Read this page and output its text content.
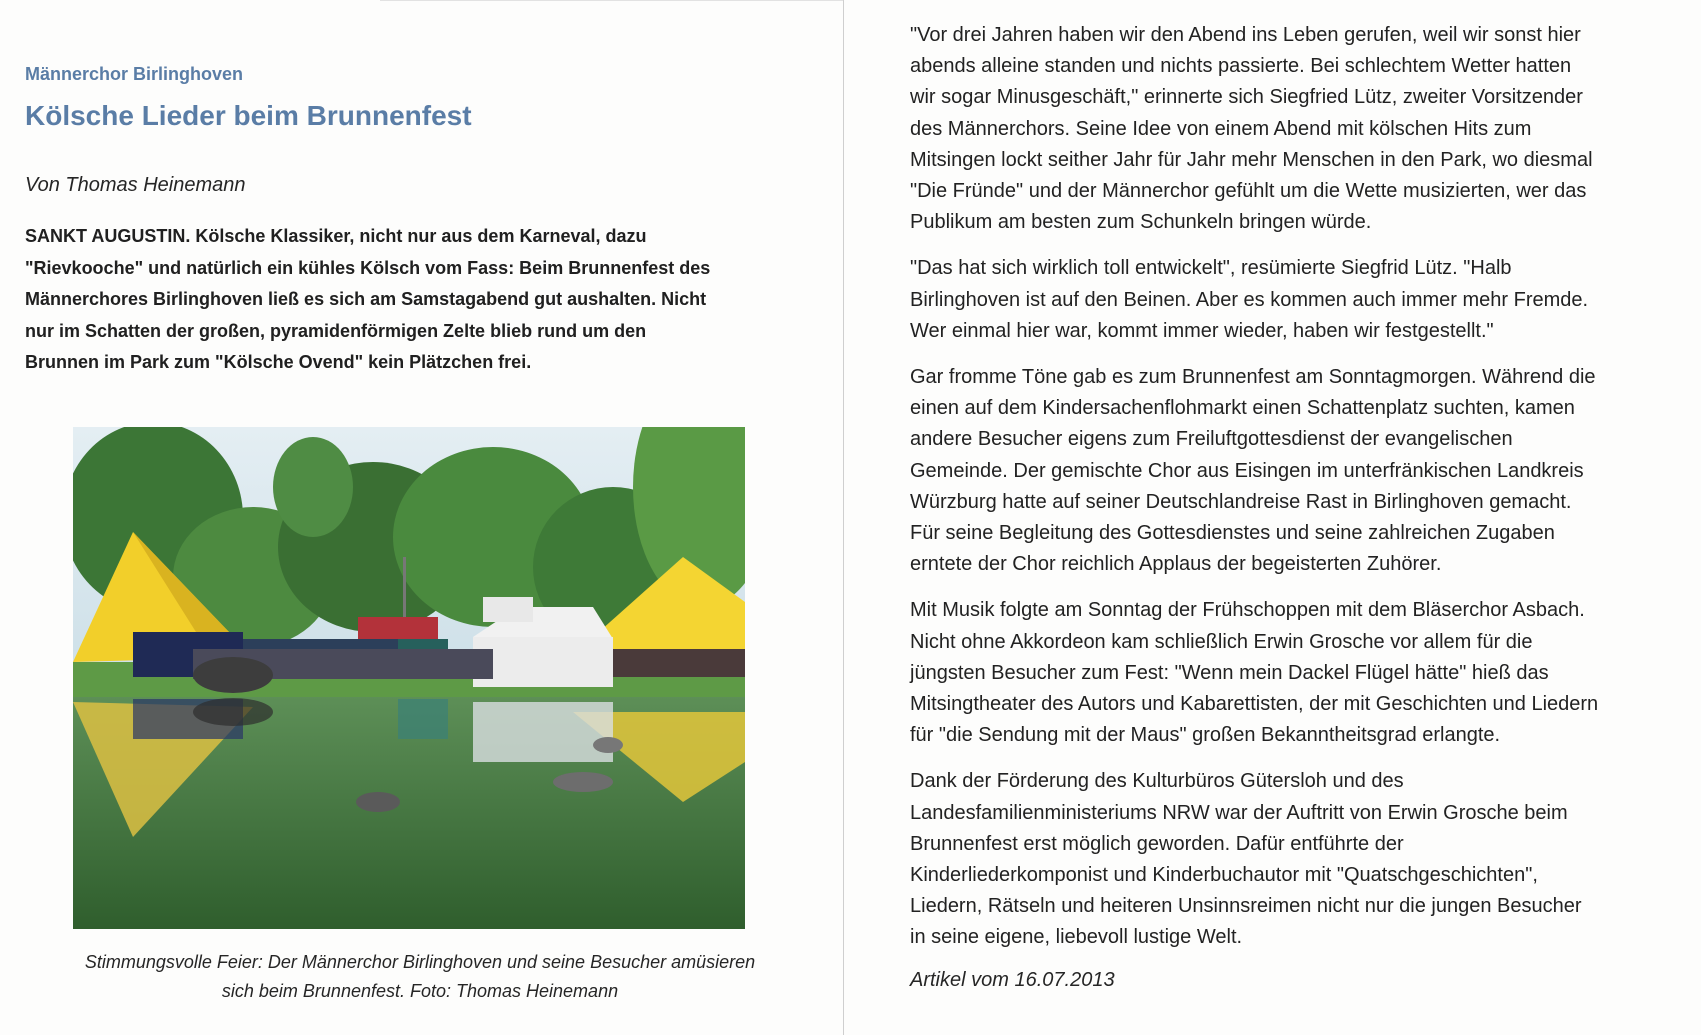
Männerchor Birlinghoven
Kölsche Lieder beim Brunnenfest
Von Thomas Heinemann
SANKT AUGUSTIN. Kölsche Klassiker, nicht nur aus dem Karneval, dazu
"Rievkooche" und natürlich ein kühles Kölsch vom Fass: Beim Brunnenfest des
Männerchores Birlinghoven ließ es sich am Samstagabend gut aushalten. Nicht
nur im Schatten der großen, pyramidenförmigen Zelte blieb rund um den
Brunnen im Park zum "Kölsche Ovend" kein Plätzchen frei.
Stimmungsvolle Feier: Der Männerchor Birlinghoven und seine Besucher amüsieren
sich beim Brunnenfest. Foto: Thomas Heinemann
"Vor drei Jahren haben wir den Abend ins Leben gerufen, weil wir sonst hier
abends alleine standen und nichts passierte. Bei schlechtem Wetter hatten
wir sogar Minusgeschäft," erinnerte sich Siegfried Lütz, zweiter Vorsitzender
des Männerchors. Seine Idee von einem Abend mit kölschen Hits zum
Mitsingen lockt seither Jahr für Jahr mehr Menschen in den Park, wo diesmal
"Die Fründe" und der Männerchor gefühlt um die Wette musizierten, wer das
Publikum am besten zum Schunkeln bringen würde.
"Das hat sich wirklich toll entwickelt", resümierte Siegfrid Lütz. "Halb
Birlinghoven ist auf den Beinen. Aber es kommen auch immer mehr Fremde.
Wer einmal hier war, kommt immer wieder, haben wir festgestellt."
Gar fromme Töne gab es zum Brunnenfest am Sonntagmorgen. Während die
einen auf dem Kindersachenflohmarkt einen Schattenplatz suchten, kamen
andere Besucher eigens zum Freiluftgottesdienst der evangelischen
Gemeinde. Der gemischte Chor aus Eisingen im unterfränkischen Landkreis
Würzburg hatte auf seiner Deutschlandreise Rast in Birlinghoven gemacht.
Für seine Begleitung des Gottesdienstes und seine zahlreichen Zugaben
erntete der Chor reichlich Applaus der begeisterten Zuhörer.
Mit Musik folgte am Sonntag der Frühschoppen mit dem Bläserchor Asbach.
Nicht ohne Akkordeon kam schließlich Erwin Grosche vor allem für die
jüngsten Besucher zum Fest: "Wenn mein Dackel Flügel hätte" hieß das
Mitsingtheater des Autors und Kabarettisten, der mit Geschichten und Liedern
für "die Sendung mit der Maus" großen Bekanntheitsgrad erlangte.
Dank der Förderung des Kulturbüros Gütersloh und des
Landesfamilienministeriums NRW war der Auftritt von Erwin Grosche beim
Brunnenfest erst möglich geworden. Dafür entführte der
Kinderliederkomponist und Kinderbuchautor mit "Quatschgeschichten",
Liedern, Rätseln und heiteren Unsinnsreimen nicht nur die jungen Besucher
in seine eigene, liebevoll lustige Welt.
Artikel vom 16.07.2013
